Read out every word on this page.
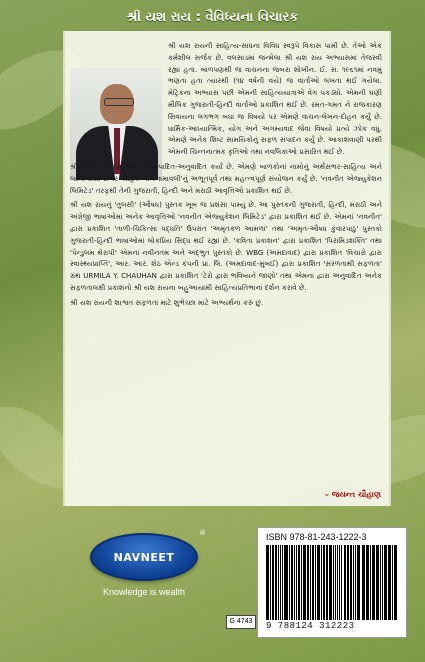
શ્રી યશ રાય : વૈવિધ્યના વિચારક

શ્રી યશ રાયની સાહિત્ય-સાધના વિવિધ સ્વરૂપે વિકાસ પામી છે. તેઓ એક કર્મશીલ સર્જક છે. વલસાડમાં જન્મેલા શ્રી યશ રાય અભ્યાસમાં તેજસ્વી રહ્યા હતા. બાળપણથી જ વાચનના જબરા શોખીન. ઈ. સ. ૧૯૬૧માં નવમું ભણતા હતા ત્યારથી (૧૪ વર્ષની વયે) જ વાર્તાઓ લખતા થઈ ગયેલા. મેટ્રિકના અભ્યાસ પછી એમની સાહિત્યયાત્રાએ વેગ પકડ્યો. એમની ઘણી મૌલિક ગુજરાતી-હિન્દી વાર્તાઓ પ્રકાશિત થઈ છે. રમત-ગમત ને રાજકારણ સિવાયના લગભગ બધા જ વિષયો પર એમણે વાચન-લેખન-દોહન કર્યું છે. ધાર્મિક-આધ્યાત્મિક, યોગ અને અગમ્યવાદ જેવા વિષયો પ્રત્યે ઝોક વધુ. એમણે અનેક શિષ્ટ સામયિકોનું સફળ સંપાદન કર્યું છે. આકાશવાણી પરથી એમની ચિન્તનાત્મક કૃતિઓ તથા નવલિકાઓ પ્રસારિત થઈ છે.

શ્રી યશ રાયે ઘણાં પુસ્તકો સમ્પાદિત-અનુવાદિત કર્યાં છે. એમણે બાળકોનાં નામોનું અર્થસભર-સાહિત્ય અને લાલિત્યથી સભર 'મોહક બાળનામાવલી'નું અભૂતપૂર્વ તથા મહત્ત્વપૂર્ણ સંયોજન કર્યું છે. 'નવનીત એજ્યુકેશન લિમિટેડ' તરફથી તેની ગુજરાતી, હિન્દી અને મરાઠી આવૃત્તિઓ પ્રકાશિત થઈ છે.

શ્રી યશ રાયનું 'તુલસી' (ઔષધ) પુસ્તક ખૂબ જ પ્રશંસા પામ્યું છે. આ પુસ્તકની ગુજરાતી, હિન્દી, મરાઠી અને અંગ્રેજી ભાષાઓમાં અનેક આવૃત્તિઓ 'નવનીત એજ્યુકેશન લિમિટેડ' દ્વારા પ્રકાશિત થઈ છે. એમનાં 'નવનીત' દ્વારા પ્રકાશિત 'તાળી-ચિકિત્સા પદ્ધતિ' ઉપરાંત 'અમૃતકળ આમળાં' તથા 'અમૃત-ઔષધ કુંવારપાઠું' પુસ્તકો ગુજરાતી-હિન્દી ભાષાઓમાં લોકપ્રિય સિદ્ધ થઈ રહ્યાં છે. 'કવિતા પ્રકાશન' દ્વારા પ્રકાશિત 'પિરામિડશક્તિ' તથા 'પેન્ડુલમ થેરાપી' એમનાં નવીનતમ અને અદ્ભુત પુસ્તકો છે. WBG (અમદાવાદ) દ્વારા પ્રકાશિત 'વિચારો દ્વારા સ્વાસ્થ્યપ્રાપ્તિ', આર. આર. શેઠ એન્ડ કંપની પ્રા. લિ. (અમદાવાદ-મુંબઈ) દ્વારા પ્રકાશિત 'સરળતાથી સફળતા' ગ્રંથ URMILA Y. CHAUHAN દ્વારા પ્રકાશિત 'ટેરો દ્વારા ભવિષ્યને જાણો' તથા એમના દ્વારા અનુવાદિત અનેક સફળતાલક્ષી પ્રકાશનો શ્રી યશ રાયના બહુઆયામી સાહિત્યપ્રતિભાનાં દર્શન કરાવે છે.

શ્રી યશ રાયની શાશ્વત સફળતા માટે શુભેચ્છા માટે અભ્યર્થના કરું છું.

– જયન્ત ચૌહાણ
NAVNEET
®
Knowledge is wealth
G 4743
ISBN 978-81-243-1222-3
9 788124 312223
